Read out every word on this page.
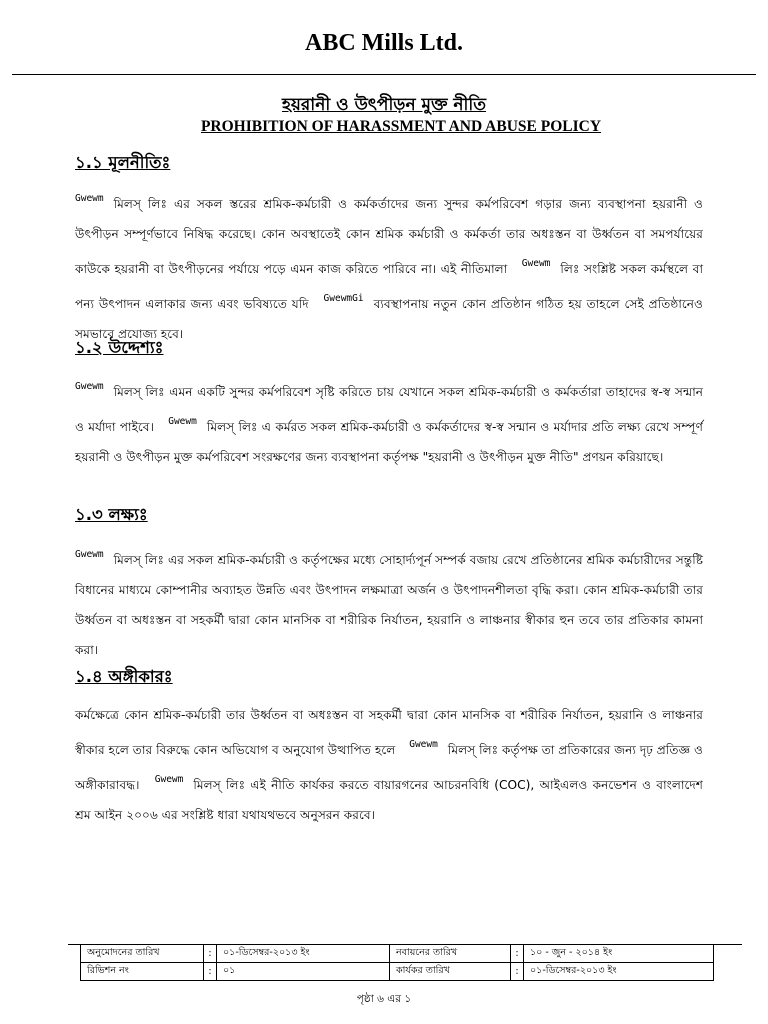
ABC Mills Ltd.
হয়রানী ও উৎপীড়ন মুক্ত নীতি
PROHIBITION OF HARASSMENT AND ABUSE POLICY
১.১ মূলনীতিঃ

$^{Gwewm}$ মিলস্ লিঃ এর সকল স্তরের শ্রমিক-কর্মচারী ও কর্মকর্তাদের জন্য সুন্দর কর্মপরিবেশ গড়ার জন্য ব্যবস্থাপনা হয়রানী ও উৎপীড়ন সম্পূর্ণভাবে নিষিদ্ধ করেছে। কোন অবস্থাতেই কোন শ্রমিক কর্মচারী ও কর্মকর্তা তার অধঃস্তন বা উর্ধ্বতন বা সমপর্যায়ের কাউকে হয়রানী বা উৎপীড়নের পর্যায়ে পড়ে এমন কাজ করিতে পারিবে না। এই নীতিমালা $^{Gwewm}$ লিঃ সংশ্লিষ্ট সকল কর্মস্থলে বা পন্য উৎপাদন এলাকার জন্য এবং ভবিষ্যতে যদি $^{GwewmGi}$ ব্যবস্থাপনায় নতুন কোন প্রতিষ্ঠান গঠিত হয় তাহলে সেই প্রতিষ্ঠানেও সমভাবে প্রযোজ্য হবে।

১.২ উদ্দেশ্যঃ

$^{Gwewm}$ মিলস্ লিঃ এমন একটি সুন্দর কর্মপরিবেশ সৃষ্টি করিতে চায় যেখানে সকল শ্রমিক-কর্মচারী ও কর্মকর্তারা তাহাদের স্ব-স্ব সন্মান ও মর্যাদা পাইবে। $^{Gwewm}$ মিলস্ লিঃ এ কর্মরত সকল শ্রমিক-কর্মচারী ও কর্মকর্তাদের স্ব-স্ব সন্মান ও মর্যাদার প্রতি লক্ষ্য রেখে সম্পূর্ণ হয়রানী ও উৎপীড়ন মুক্ত কর্মপরিবেশ সংরক্ষণের জন্য ব্যবস্থাপনা কর্তৃপক্ষ "হয়রানী ও উৎপীড়ন মুক্ত নীতি" প্রণয়ন করিয়াছে।

১.৩ লক্ষ্যঃ

$^{Gwewm}$ মিলস্ লিঃ এর সকল শ্রমিক-কর্মচারী ও কর্তৃপক্ষের মধ্যে সোহার্দ্যপূর্ন সম্পর্ক বজায় রেখে প্রতিষ্ঠানের শ্রমিক কর্মচারীদের সন্তুষ্টি বিধানের মাধ্যমে কোম্পানীর অব্যাহত উন্নতি এবং উৎপাদন লক্ষমাত্রা অর্জন ও উৎপাদনশীলতা বৃদ্ধি করা। কোন শ্রমিক-কর্মচারী তার উর্ধ্বতন বা অধঃস্তন বা সহকর্মী দ্বারা কোন মানসিক বা শরীরিক নির্যাতন, হয়রানি ও লাঞ্চনার স্বীকার হুন তবে তার প্রতিকার কামনা করা।

১.৪ অঙ্গীকারঃ

কর্মক্ষেত্রে কোন শ্রমিক-কর্মচারী তার উর্ধ্বতন বা অধঃস্তন বা সহকর্মী দ্বারা কোন মানসিক বা শরীরিক নির্যাতন, হয়রানি ও লাঞ্চনার স্বীকার হলে তার বিরুদ্ধে কোন অভিযোগ ব অনুযোগ উত্থাপিত হলে $^{Gwewm}$ মিলস্ লিঃ কর্তৃপক্ষ তা প্রতিকারের জন্য দৃঢ় প্রতিজ্ঞ ও অঙ্গীকারাবদ্ধ। $^{Gwewm}$ মিলস্ লিঃ এই নীতি কার্যকর করতে বায়ারগনের আচরনবিধি (COC), আইএলও কনভেশন ও বাংলাদেশ শ্রম আইন ২০০৬ এর সংশ্লিষ্ট ধারা যথাযথভবে অনুসরন করবে।

অনুমোদনের তারিখ	:	০১-ডিসেম্বর-২০১৩ ইং	নবায়নের তারিখ	:	১০ - জুন - ২০১৪ ইং
রিভিশন নং	:	০১	কার্যকর তারিখ	:	০১-ডিসেম্বর-২০১৩ ইং
পৃষ্ঠা ৬ এর ১
